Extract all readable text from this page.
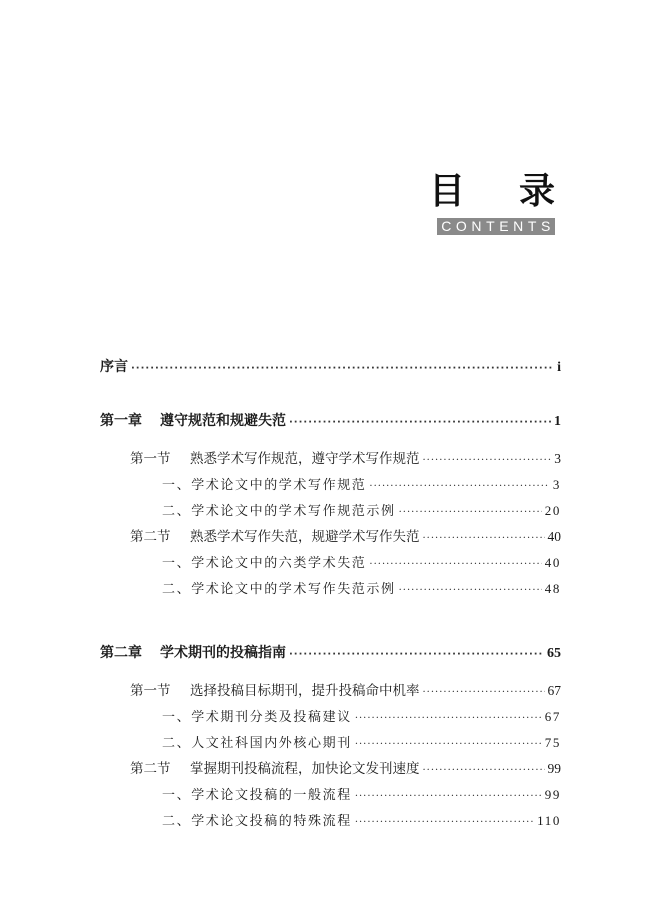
目录
CONTENTS
序言 ·····	i
第一章 遵守规范和规避失范 ·····	1
第一节 熟悉学术写作规范，遵守学术写作规范 ·····	3
一、学术论文中的学术写作规范 ·····	3
二、学术论文中的学术写作规范示例 ·····	20
第二节 熟悉学术写作失范，规避学术写作失范 ·····	40
一、学术论文中的六类学术失范 ·····	40
二、学术论文中的学术写作失范示例 ·····	48
第二章 学术期刊的投稿指南 ·····	65
第一节 选择投稿目标期刊，提升投稿命中机率 ·····	67
一、学术期刊分类及投稿建议 ·····	67
二、人文社科国内外核心期刊 ·····	75
第二节 掌握期刊投稿流程，加快论文发刊速度 ·····	99
一、学术论文投稿的一般流程 ·····	99
二、学术论文投稿的特殊流程 ·····	110
